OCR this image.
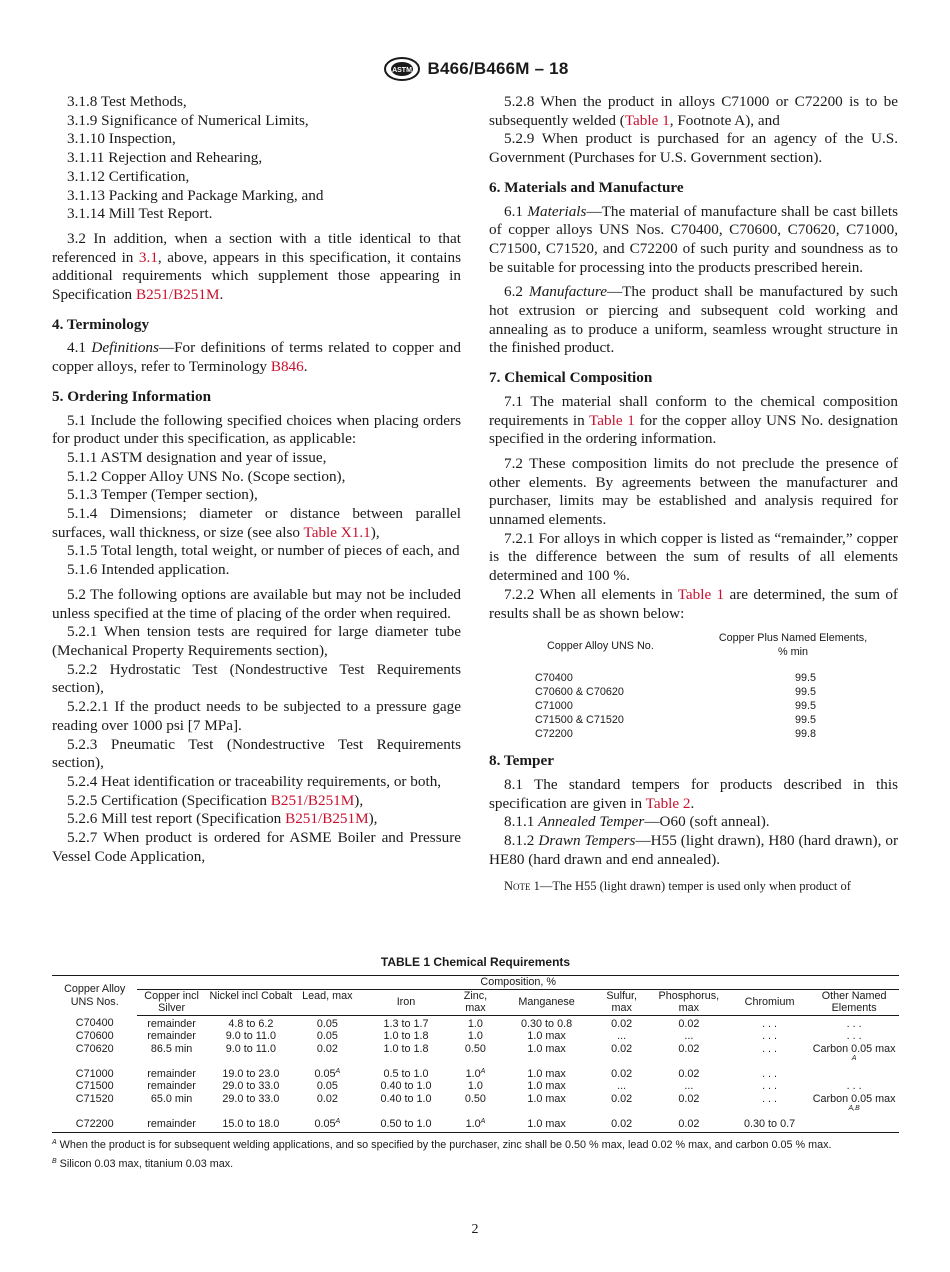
ASTM B466/B466M – 18

3.1.8 Test Methods,

3.1.9 Significance of Numerical Limits,

3.1.10 Inspection,

3.1.11 Rejection and Rehearing,

3.1.12 Certification,

3.1.13 Packing and Package Marking, and

3.1.14 Mill Test Report.

3.2 In addition, when a section with a title identical to that referenced in 3.1, above, appears in this specification, it contains additional requirements which supplement those appearing in Specification B251/B251M.

4. Terminology

4.1 Definitions—For definitions of terms related to copper and copper alloys, refer to Terminology B846.

5. Ordering Information

5.1 Include the following specified choices when placing orders for product under this specification, as applicable:

5.1.1 ASTM designation and year of issue,

5.1.2 Copper Alloy UNS No. (Scope section),

5.1.3 Temper (Temper section),

5.1.4 Dimensions; diameter or distance between parallel surfaces, wall thickness, or size (see also Table X1.1),

5.1.5 Total length, total weight, or number of pieces of each, and

5.1.6 Intended application.

5.2 The following options are available but may not be included unless specified at the time of placing of the order when required.

5.2.1 When tension tests are required for large diameter tube (Mechanical Property Requirements section),

5.2.2 Hydrostatic Test (Nondestructive Test Requirements section),

5.2.2.1 If the product needs to be subjected to a pressure gage reading over 1000 psi [7 MPa].

5.2.3 Pneumatic Test (Nondestructive Test Requirements section),

5.2.4 Heat identification or traceability requirements, or both,

5.2.5 Certification (Specification B251/B251M),

5.2.6 Mill test report (Specification B251/B251M),

5.2.7 When product is ordered for ASME Boiler and Pressure Vessel Code Application,

5.2.8 When the product in alloys C71000 or C72200 is to be subsequently welded (Table 1, Footnote A), and

5.2.9 When product is purchased for an agency of the U.S. Government (Purchases for U.S. Government section).

6. Materials and Manufacture

6.1 Materials—The material of manufacture shall be cast billets of copper alloys UNS Nos. C70400, C70600, C70620, C71000, C71500, C71520, and C72200 of such purity and soundness as to be suitable for processing into the products prescribed herein.

6.2 Manufacture—The product shall be manufactured by such hot extrusion or piercing and subsequent cold working and annealing as to produce a uniform, seamless wrought structure in the finished product.

7. Chemical Composition

7.1 The material shall conform to the chemical composition requirements in Table 1 for the copper alloy UNS No. designation specified in the ordering information.

7.2 These composition limits do not preclude the presence of other elements. By agreements between the manufacturer and purchaser, limits may be established and analysis required for unnamed elements.

7.2.1 For alloys in which copper is listed as “remainder,” copper is the difference between the sum of results of all elements determined and 100 %.

7.2.2 When all elements in Table 1 are determined, the sum of results shall be as shown below:

Copper Alloy UNS No.
Copper Plus Named Elements, % min
C70400	99.5
C70600 & C70620	99.5
C71000	99.5
C71500 & C71520	99.5
C72200	99.8

8. Temper

8.1 The standard tempers for products described in this specification are given in Table 2.

8.1.1 Annealed Temper—O60 (soft anneal).

8.1.2 Drawn Tempers—H55 (light drawn), H80 (hard drawn), or HE80 (hard drawn and end annealed).

Note 1—The H55 (light drawn) temper is used only when product of

TABLE 1 Chemical Requirements
Copper Alloy UNS Nos.	Composition, %									
	Copper incl Silver	Nickel incl Cobalt	Lead, max	Iron	Zinc, max	Manganese	Sulfur, max	Phosphorus, max	Chromium	Other Named Elements
C70400	remainder	4.8 to 6.2	0.05	1.3 to 1.7	1.0	0.30 to 0.8	0.02	0.02	. . .	. . .
C70600	remainder	9.0 to 11.0	0.05	1.0 to 1.8	1.0	1.0 max	...	...	. . .	. . .
C70620	86.5 min	9.0 to 11.0	0.02	1.0 to 1.8	0.50	1.0 max	0.02	0.02	. . .	Carbon 0.05 max
$^A$
C71000	remainder	19.0 to 23.0	$0.05^A$	0.5 to 1.0	$1.0^A$	1.0 max	0.02	0.02	. . .	
C71500	remainder	29.0 to 33.0	0.05	0.40 to 1.0	1.0	1.0 max	...	...	. . .	. . .
C71520	65.0 min	29.0 to 33.0	0.02	0.40 to 1.0	0.50	1.0 max	0.02	0.02	. . .	Carbon 0.05 max
$^{A,B}$
C72200	remainder	15.0 to 18.0	$0.05^A$	0.50 to 1.0	$1.0^A$	1.0 max	0.02	0.02	0.30 to 0.7	
$^A$ When the product is for subsequent welding applications, and so specified by the purchaser, zinc shall be 0.50 % max, lead 0.02 % max, and carbon 0.05 % max.
$^B$ Silicon 0.03 max, titanium 0.03 max.
2
